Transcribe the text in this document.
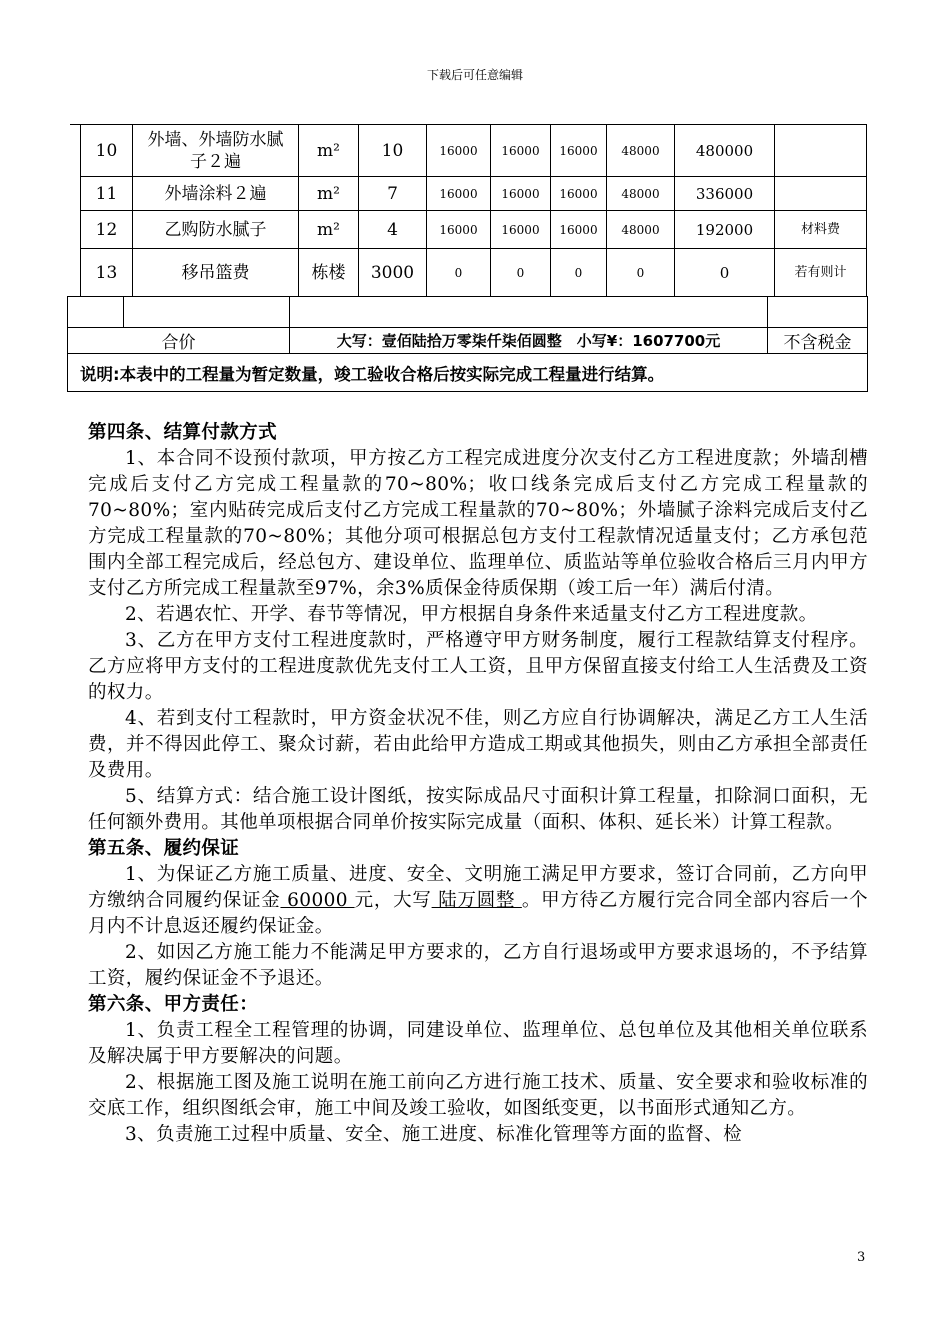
下载后可任意编辑
10	外墙、外墙防水腻子２遍	m²	10	16000	16000	16000	48000	480000	
11	外墙涂料２遍	m²	7	16000	16000	16000	48000	336000	
12	乙购防水腻子	m²	4	16000	16000	16000	48000	192000	材料费
13	移吊篮费	栋楼	3000	0	0	0	0	0	若有则计

合价		大写：壹佰陆拾万零柒仟柒佰圆整　小写¥：1607700元	不含税金
说明:本表中的工程量为暂定数量，竣工验收合格后按实际完成工程量进行结算。			

第四条、结算付款方式

1、本合同不设预付款项，甲方按乙方工程完成进度分次支付乙方工程进度款；外墙刮槽完成后支付乙方完成工程量款的70~80%；收口线条完成后支付乙方完成工程量款的70~80%；室内贴砖完成后支付乙方完成工程量款的70~80%；外墙腻子涂料完成后支付乙方完成工程量款的70~80%；其他分项可根据总包方支付工程款情况适量支付；乙方承包范围内全部工程完成后，经总包方、建设单位、监理单位、质监站等单位验收合格后三月内甲方支付乙方所完成工程量款至97%，余3%质保金待质保期（竣工后一年）满后付清。

2、若遇农忙、开学、春节等情况，甲方根据自身条件来适量支付乙方工程进度款。

3、乙方在甲方支付工程进度款时，严格遵守甲方财务制度，履行工程款结算支付程序。乙方应将甲方支付的工程进度款优先支付工人工资，且甲方保留直接支付给工人生活费及工资的权力。

4、若到支付工程款时，甲方资金状况不佳，则乙方应自行协调解决，满足乙方工人生活费，并不得因此停工、聚众讨薪，若由此给甲方造成工期或其他损失，则由乙方承担全部责任及费用。

5、结算方式：结合施工设计图纸，按实际成品尺寸面积计算工程量，扣除洞口面积，无任何额外费用。其他单项根据合同单价按实际完成量（面积、体积、延长米）计算工程款。

第五条、履约保证

1、为保证乙方施工质量、进度、安全、文明施工满足甲方要求，签订合同前，乙方向甲方缴纳合同履约保证金 60000 元，大写 陆万圆整 。甲方待乙方履行完合同全部内容后一个月内不计息返还履约保证金。

2、如因乙方施工能力不能满足甲方要求的，乙方自行退场或甲方要求退场的，不予结算工资，履约保证金不予退还。

第六条、甲方责任：

1、负责工程全工程管理的协调，同建设单位、监理单位、总包单位及其他相关单位联系及解决属于甲方要解决的问题。

2、根据施工图及施工说明在施工前向乙方进行施工技术、质量、安全要求和验收标准的交底工作，组织图纸会审，施工中间及竣工验收，如图纸变更，以书面形式通知乙方。

3、负责施工过程中质量、安全、施工进度、标准化管理等方面的监督、检

3
